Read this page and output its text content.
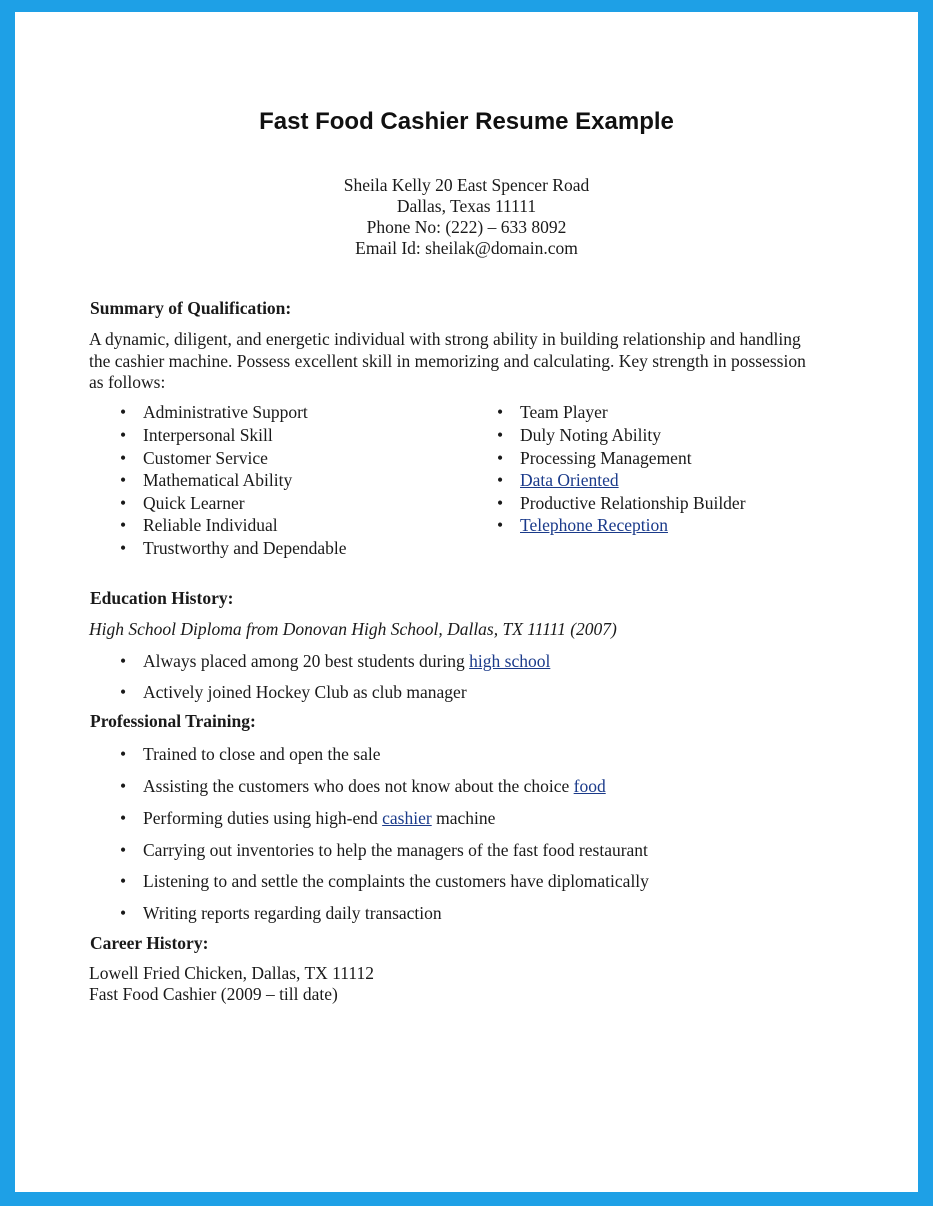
Fast Food Cashier Resume Example
Sheila Kelly 20 East Spencer Road
Dallas, Texas 11111
Phone No: (222) – 633 8092
Email Id: sheilak@domain.com
Summary of Qualification:
A dynamic, diligent, and energetic individual with strong ability in building relationship and handling
the cashier machine. Possess excellent skill in memorizing and calculating. Key strength in possession
as follows:
• Administrative Support
• Interpersonal Skill
• Customer Service
• Mathematical Ability
• Quick Learner
• Reliable Individual
• Trustworthy and Dependable
• Team Player
• Duly Noting Ability
• Processing Management
• Data Oriented
• Productive Relationship Builder
• Telephone Reception
Education History:
High School Diploma from Donovan High School, Dallas, TX 11111 (2007)
• Always placed among 20 best students during high school
• Actively joined Hockey Club as club manager
Professional Training:
• Trained to close and open the sale
• Assisting the customers who does not know about the choice food
• Performing duties using high-end cashier machine
• Carrying out inventories to help the managers of the fast food restaurant
• Listening to and settle the complaints the customers have diplomatically
• Writing reports regarding daily transaction
Career History:
Lowell Fried Chicken, Dallas, TX 11112
Fast Food Cashier (2009 – till date)
